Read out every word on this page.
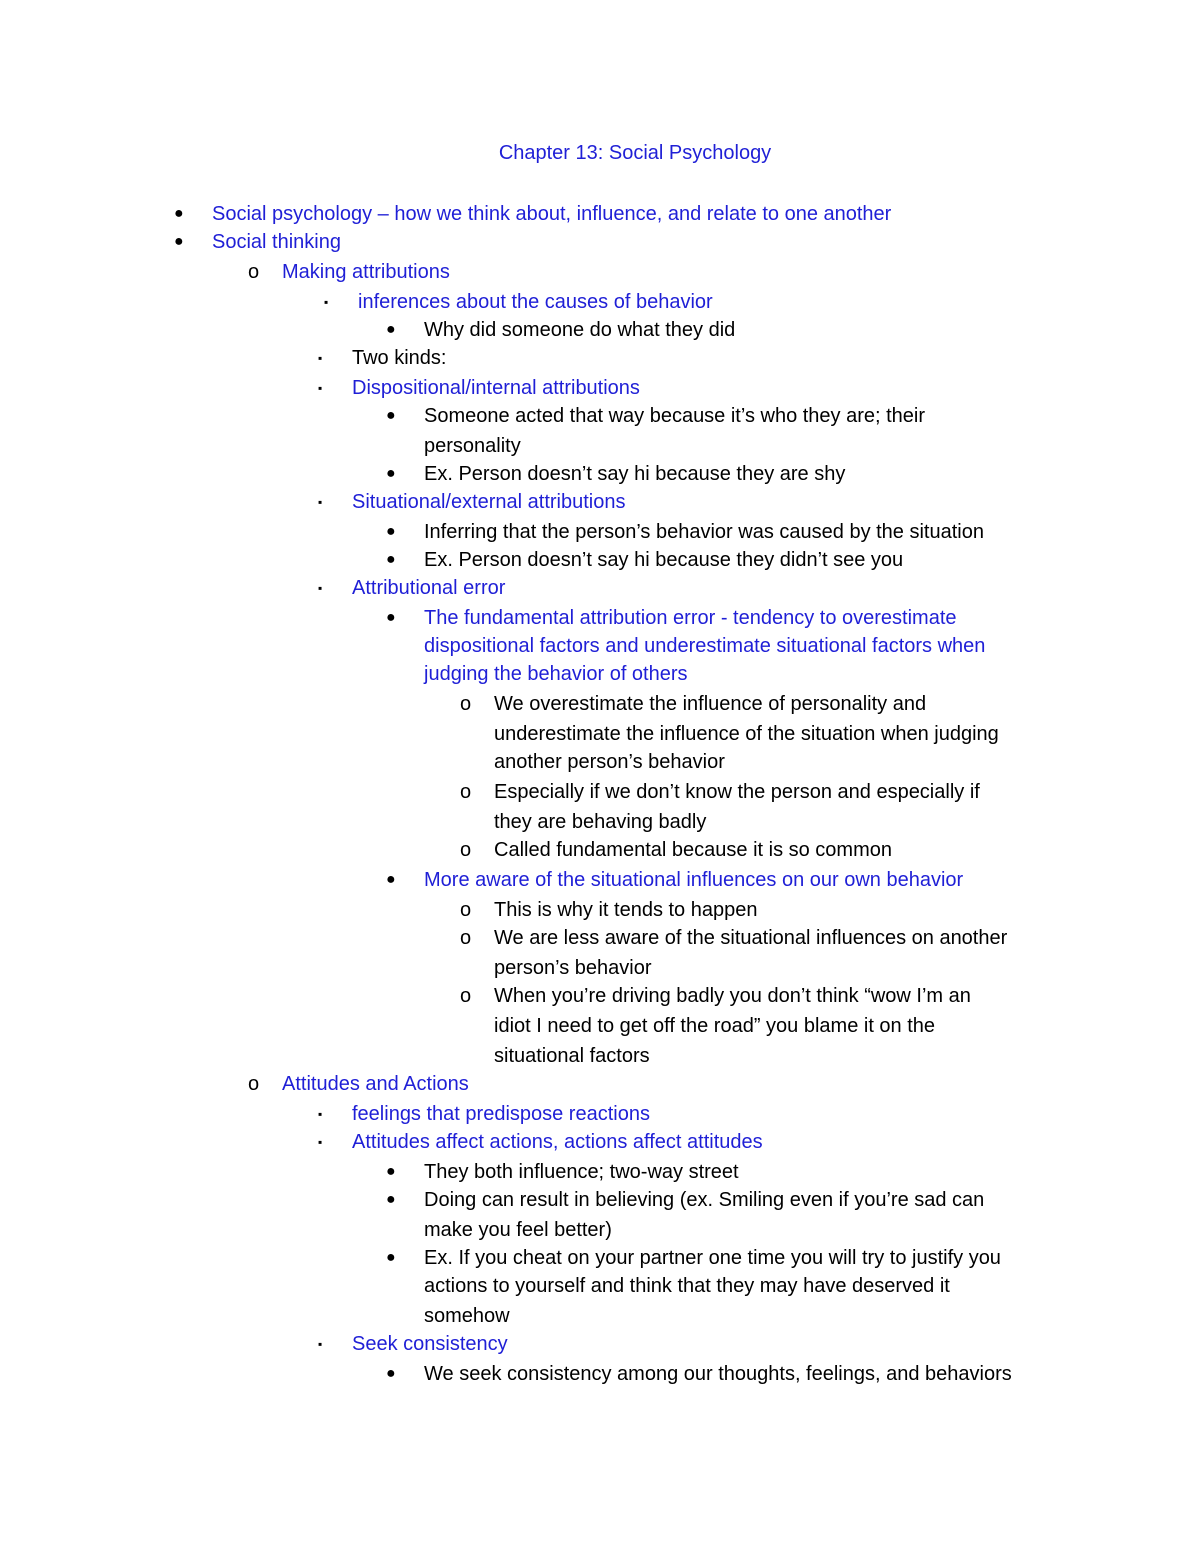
Chapter 13: Social Psychology
● Social psychology – how we think about, influence, and relate to one another
● Social thinking
o Making attributions
▪ inferences about the causes of behavior
● Why did someone do what they did
▪ Two kinds:
▪ Dispositional/internal attributions
● Someone acted that way because it’s who they are; their
personality
● Ex. Person doesn’t say hi because they are shy
▪ Situational/external attributions
● Inferring that the person’s behavior was caused by the situation
● Ex. Person doesn’t say hi because they didn’t see you
▪ Attributional error
● The fundamental attribution error - tendency to overestimate
dispositional factors and underestimate situational factors when
judging the behavior of others
o We overestimate the influence of personality and
underestimate the influence of the situation when judging
another person’s behavior
o Especially if we don’t know the person and especially if
they are behaving badly
o Called fundamental because it is so common
● More aware of the situational influences on our own behavior
o This is why it tends to happen
o We are less aware of the situational influences on another
person’s behavior
o When you’re driving badly you don’t think “wow I’m an
idiot I need to get off the road” you blame it on the
situational factors
o Attitudes and Actions
▪ feelings that predispose reactions
▪ Attitudes affect actions, actions affect attitudes
● They both influence; two-way street
● Doing can result in believing (ex. Smiling even if you’re sad can
make you feel better)
● Ex. If you cheat on your partner one time you will try to justify you
actions to yourself and think that they may have deserved it
somehow
▪ Seek consistency
● We seek consistency among our thoughts, feelings, and behaviors
